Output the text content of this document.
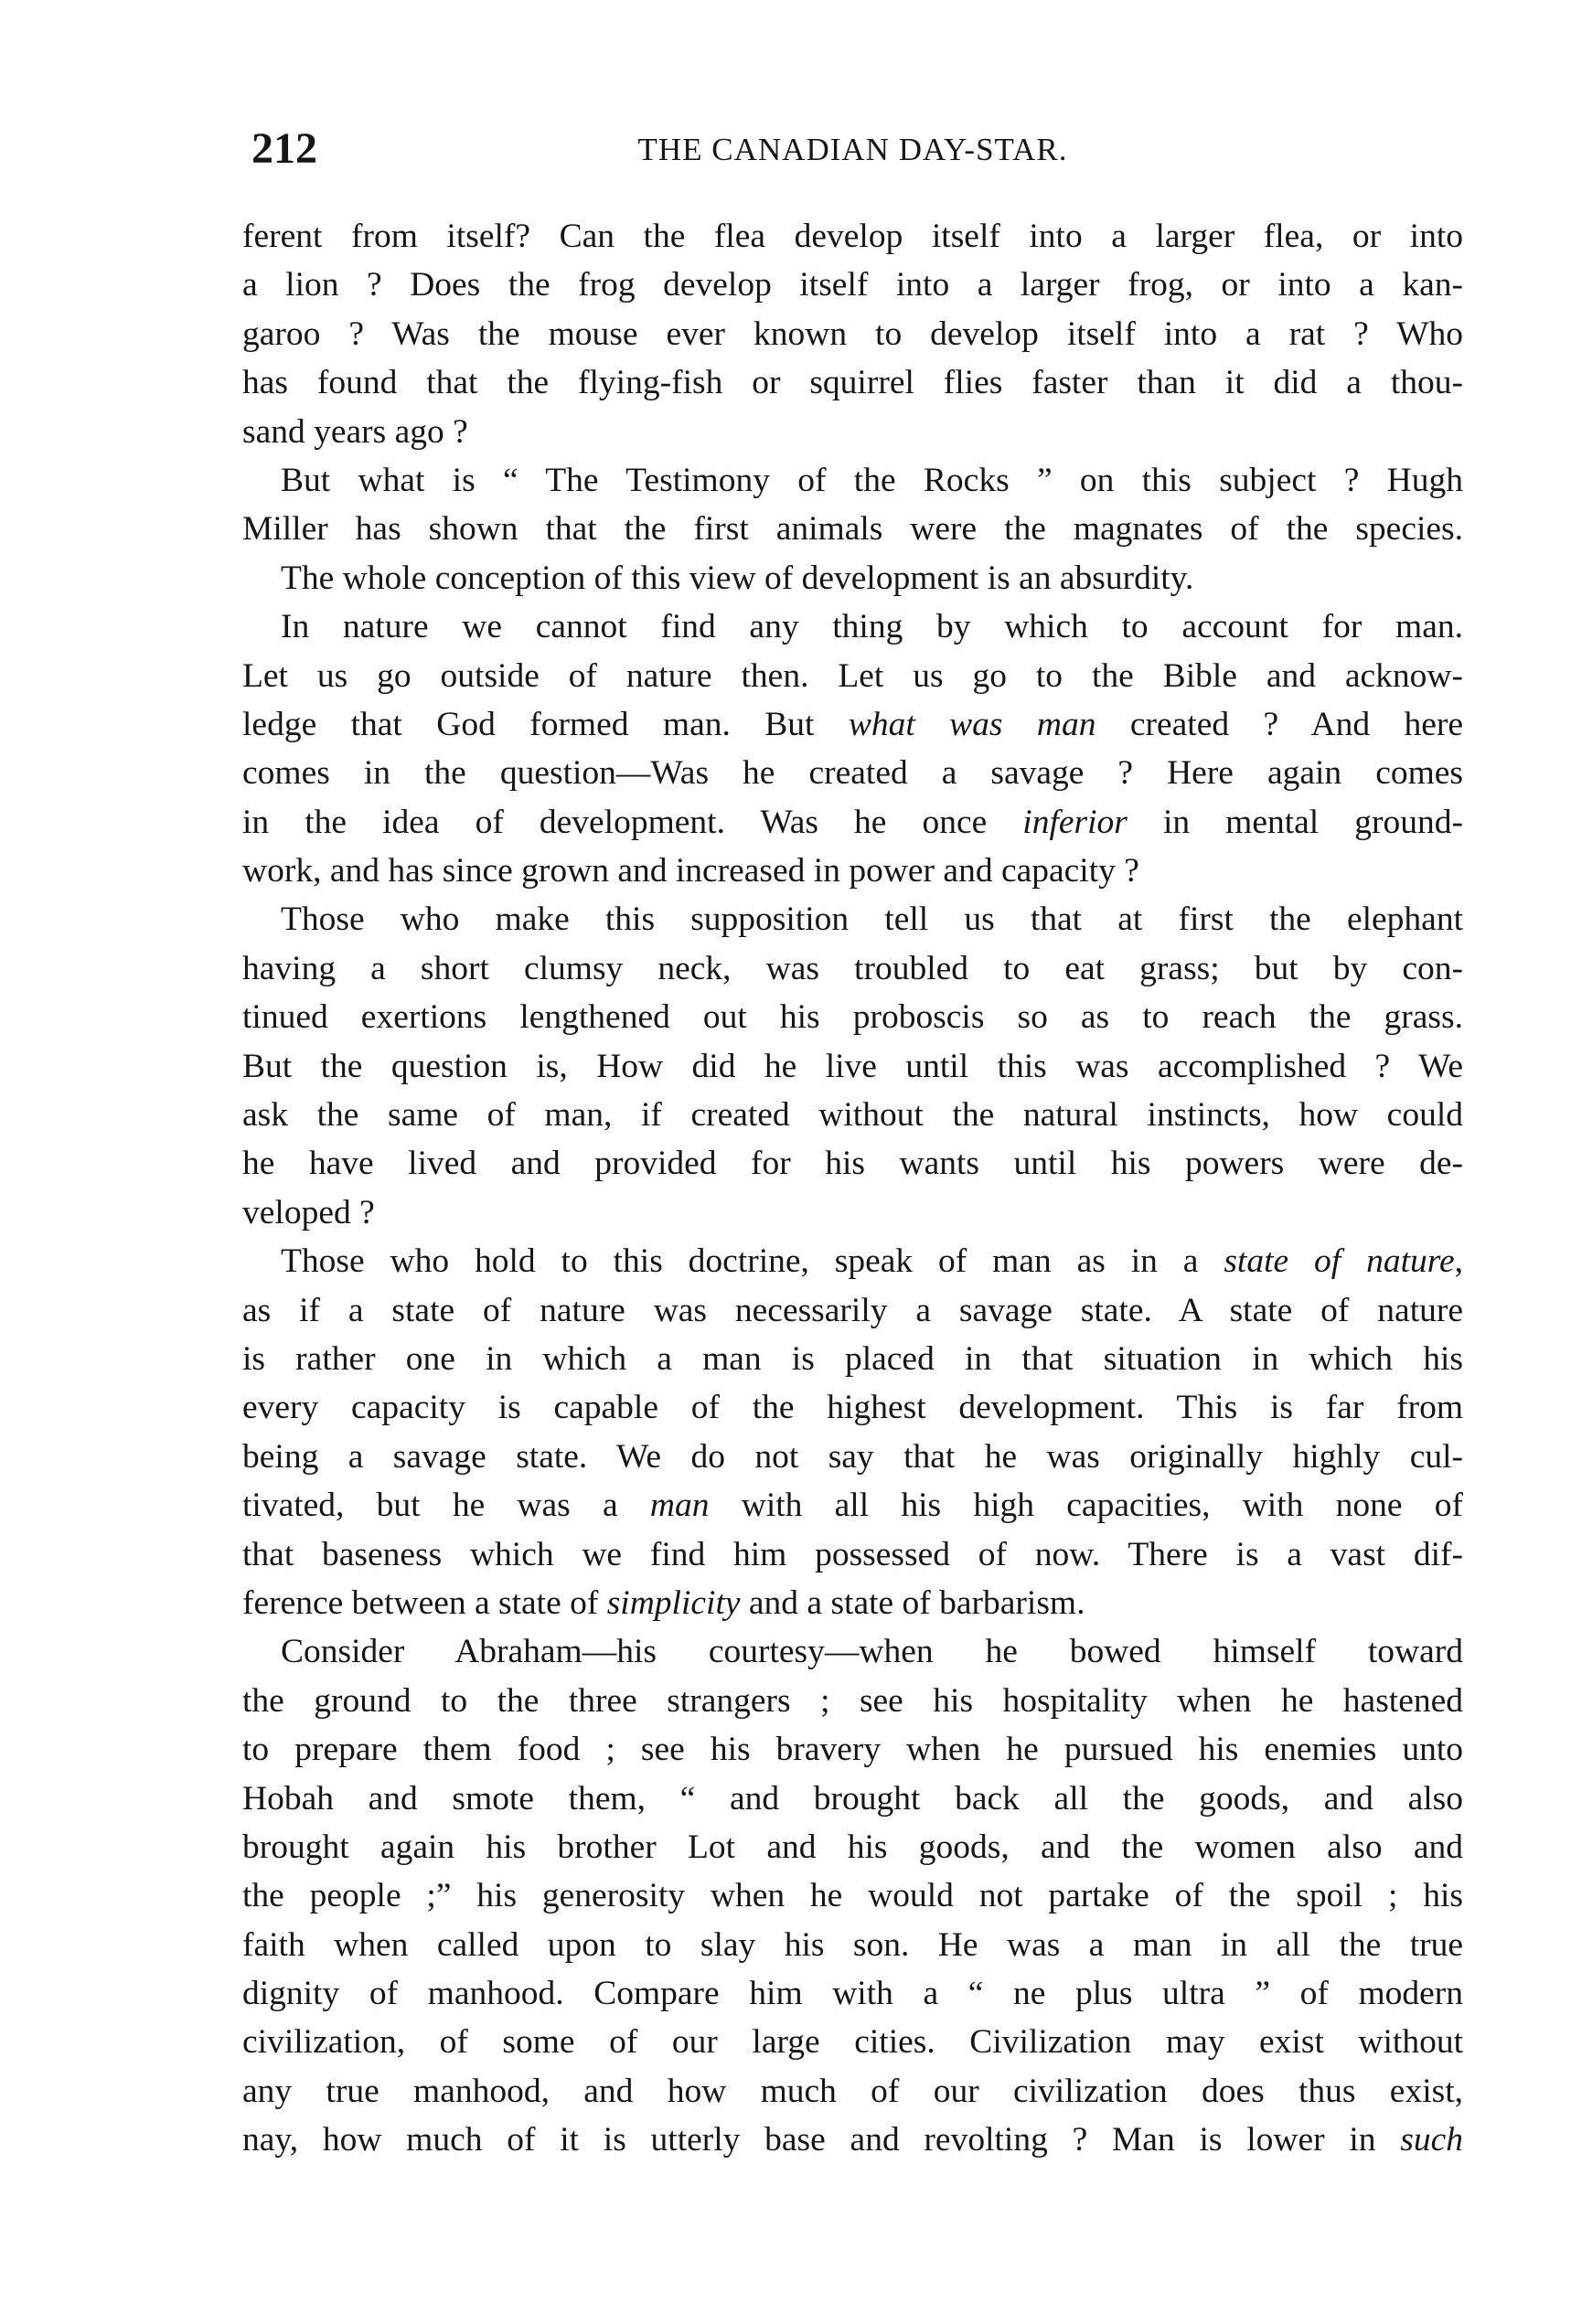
212	THE CANADIAN DAY-STAR.
ferent from itself? Can the flea develop itself into a larger flea, or into
a lion ? Does the frog develop itself into a larger frog, or into a kan-
garoo ? Was the mouse ever known to develop itself into a rat ? Who
has found that the flying-fish or squirrel flies faster than it did a thou-
sand years ago ?
But what is “ The Testimony of the Rocks ” on this subject ? Hugh
Miller has shown that the first animals were the magnates of the species.
The whole conception of this view of development is an absurdity.
In nature we cannot find any thing by which to account for man.
Let us go outside of nature then. Let us go to the Bible and acknow-
ledge that God formed man. But what was man created ? And here
comes in the question—Was he created a savage ? Here again comes
in the idea of development. Was he once inferior in mental ground-
work, and has since grown and increased in power and capacity ?
Those who make this supposition tell us that at first the elephant
having a short clumsy neck, was troubled to eat grass; but by con-
tinued exertions lengthened out his proboscis so as to reach the grass.
But the question is, How did he live until this was accomplished ? We
ask the same of man, if created without the natural instincts, how could
he have lived and provided for his wants until his powers were de-
veloped ?
Those who hold to this doctrine, speak of man as in a state of nature,
as if a state of nature was necessarily a savage state. A state of nature
is rather one in which a man is placed in that situation in which his
every capacity is capable of the highest development. This is far from
being a savage state. We do not say that he was originally highly cul-
tivated, but he was a man with all his high capacities, with none of
that baseness which we find him possessed of now. There is a vast dif-
ference between a state of simplicity and a state of barbarism.
Consider Abraham—his courtesy—when he bowed himself toward
the ground to the three strangers ; see his hospitality when he hastened
to prepare them food ; see his bravery when he pursued his enemies unto
Hobah and smote them, “ and brought back all the goods, and also
brought again his brother Lot and his goods, and the women also and
the people ;” his generosity when he would not partake of the spoil ; his
faith when called upon to slay his son. He was a man in all the true
dignity of manhood. Compare him with a “ ne plus ultra ” of modern
civilization, of some of our large cities. Civilization may exist without
any true manhood, and how much of our civilization does thus exist,
nay, how much of it is utterly base and revolting ? Man is lower in such
